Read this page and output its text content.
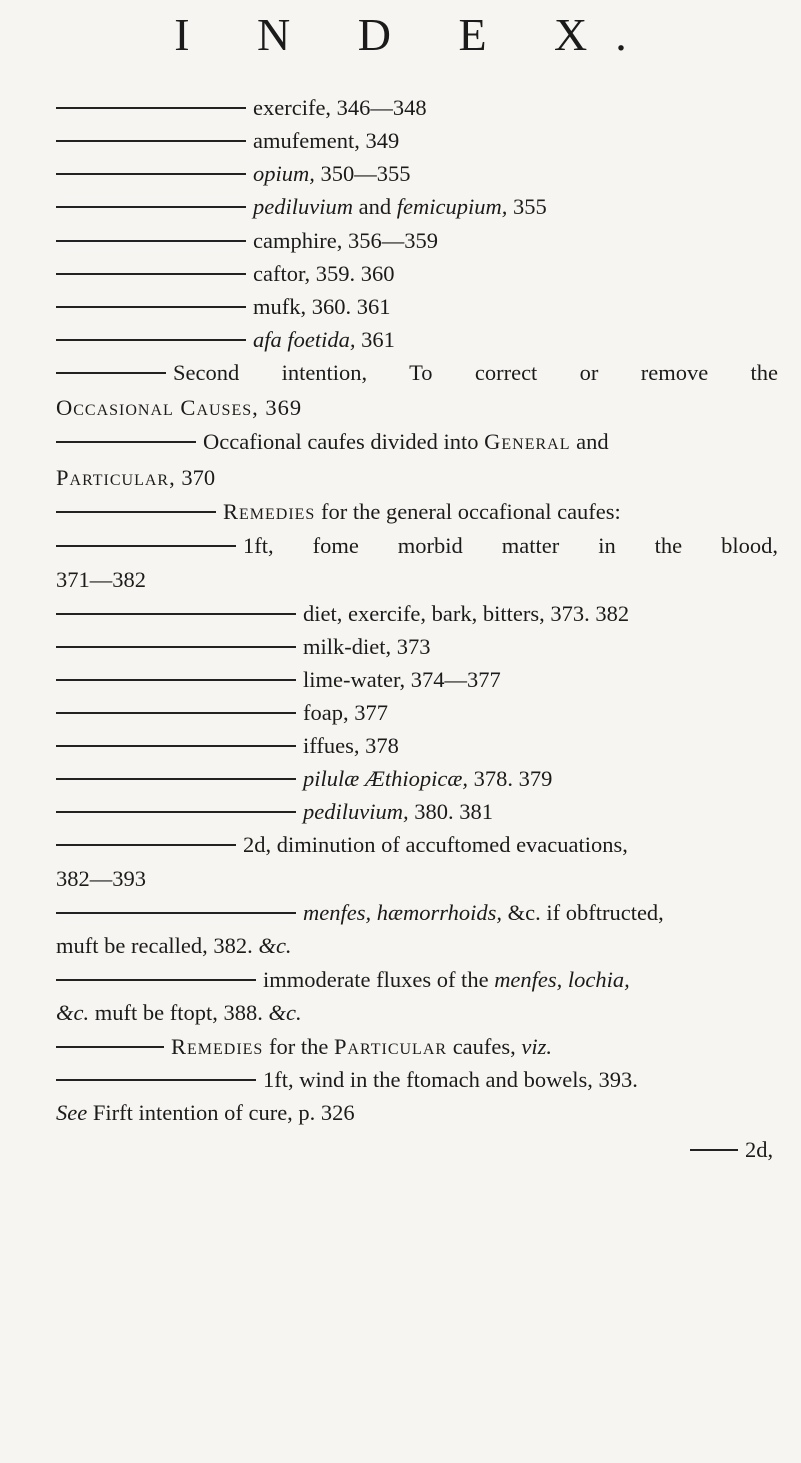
I N D E X.
exercife, 346—348
amufement, 349
opium, 350—355
pediluvium and femicupium, 355
camphire, 356—359
caftor, 359. 360
mufk, 360. 361
afa foetida, 361
Second intention, To correct or remove the
Occasional Causes, 369
Occafional caufes divided into General and
Particular, 370
Remedies for the general occafional caufes:
1ft, fome morbid matter in the blood,
371—382
diet, exercife, bark, bitters, 373. 382
milk-diet, 373
lime-water, 374—377
foap, 377
iffues, 378
pilulæ Æthiopicæ, 378. 379
pediluvium, 380. 381
2d, diminution of accuftomed evacuations,
382—393
menfes, hæmorrhoids, &c. if obftructed,
muft be recalled, 382. &c.
immoderate fluxes of the menfes, lochia,
&c. muft be ftopt, 388. &c.
Remedies for the Particular caufes, viz.
1ft, wind in the ftomach and bowels, 393.
See Firft intention of cure, p. 326
2d,
